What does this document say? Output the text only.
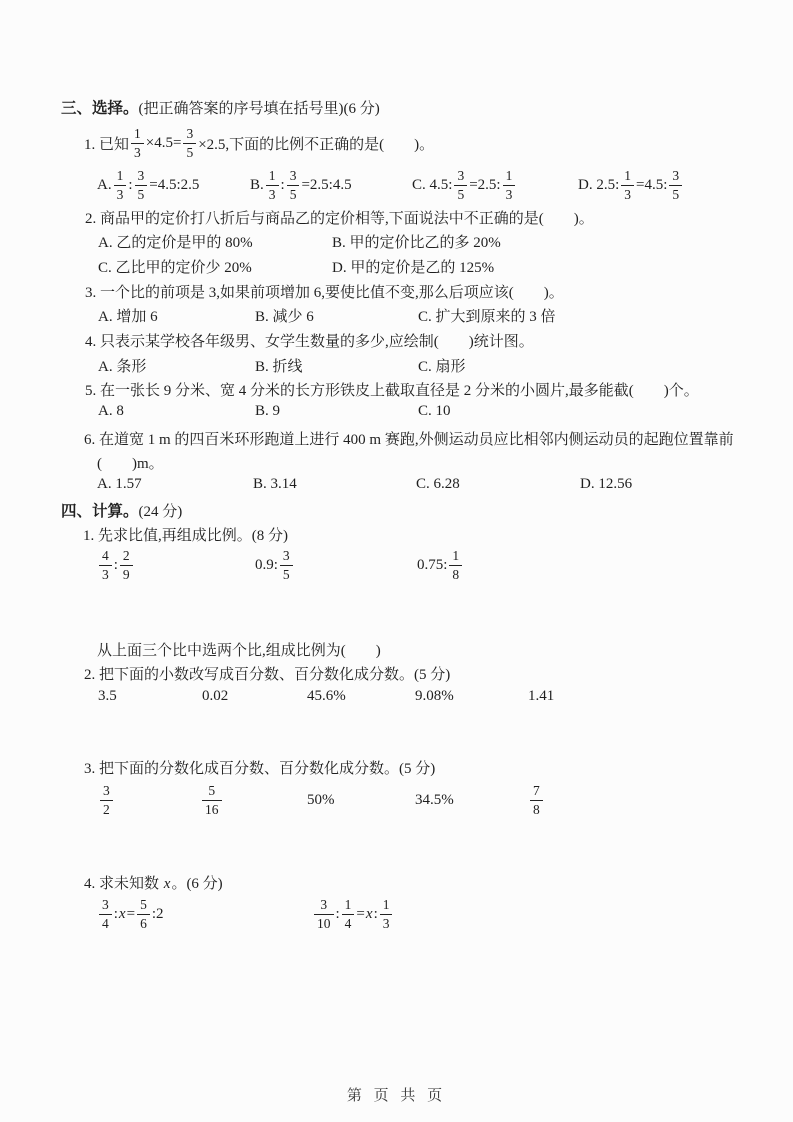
三、选择。(把正确答案的序号填在括号里)(6 分)
1. 已知 $\frac{1}{3} \times 4.5= \frac{3}{5} \times 2.5$,下面的比例不正确的是(　　)。
A. $\frac{1}{3}$ : $\frac{3}{5}$ =4.5:2.5	B. $\frac{1}{3}$ : $\frac{3}{5}$ =2.5:4.5	C. 4.5: $\frac{3}{5} =2.5$: $\frac{1}{3}$	D. 2.5: $\frac{1}{3} =4.5$: $\frac{3}{5}$
2. 商品甲的定价打八折后与商品乙的定价相等,下面说法中不正确的是(　　)。
A. 乙的定价是甲的 80%	B. 甲的定价比乙的多 20%
C. 乙比甲的定价少 20%	D. 甲的定价是乙的 125%
3. 一个比的前项是 3,如果前项增加 6,要使比值不变,那么后项应该(　　)。
A. 增加 6	B. 减少 6	C. 扩大到原来的 3 倍
4. 只表示某学校各年级男、女学生数量的多少,应绘制(　　)统计图。
A. 条形	B. 折线	C. 扇形
5. 在一张长 9 分米、宽 4 分米的长方形铁皮上截取直径是 2 分米的小圆片,最多能截(　　)个。
A. 8	B. 9	C. 10
6. 在道宽 1 m 的四百米环形跑道上进行 400 m 赛跑,外侧运动员应比相邻内侧运动员的起跑位置靠前
(　　)m。
A. 1.57	B. 3.14	C. 6.28	D. 12.56
四、计算。(24 分)
1. 先求比值,再组成比例。(8 分)
$\frac{4}{3}$ : $\frac{2}{9}$	0.9: $\frac{3}{5}$	0.75: $\frac{1}{8}$
从上面三个比中选两个比,组成比例为(　　)
2. 把下面的小数改写成百分数、百分数化成分数。(5 分)
3.5	0.02	45.6%	9.08%	1.41
3. 把下面的分数化成百分数、百分数化成分数。(5 分)
$\frac{3}{2}$	$\frac{5}{16}$	50%	34.5%	$\frac{7}{8}$
4. 求未知数 x。(6 分)
$\frac{3}{4}$ : $x = \frac{5}{6}$ :2	$\frac{3}{10}$ : $\frac{1}{4} = x$ : $\frac{1}{3}$
第 页 共 页
